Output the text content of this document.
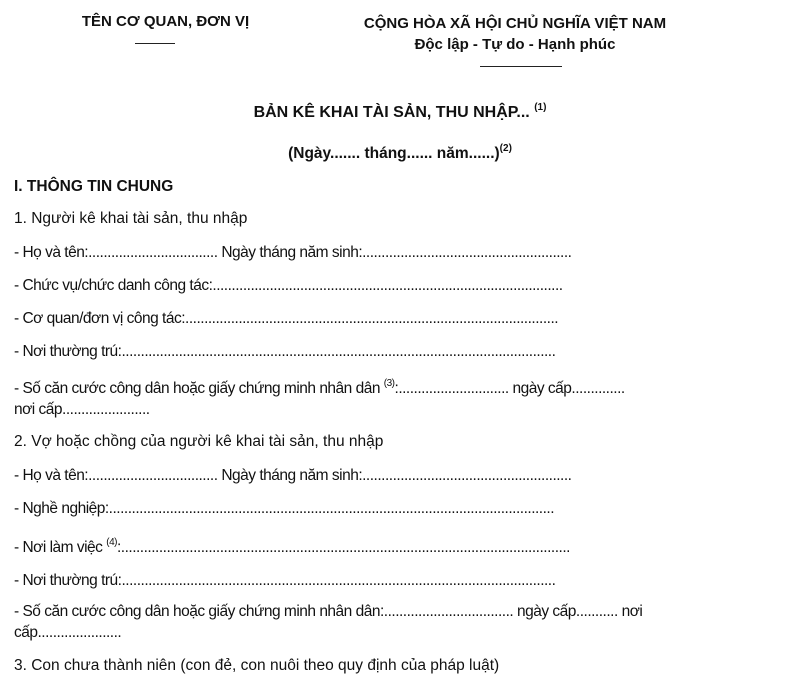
TÊN CƠ QUAN, ĐƠN VỊ	CỘNG HÒA XÃ HỘI CHỦ NGHĨA VIỆT NAM
Độc lập - Tự do - Hạnh phúc
BẢN KÊ KHAI TÀI SẢN, THU NHẬP... $^{(1)}$
(Ngày....... tháng...... năm......)$^{(2)}$
I. THÔNG TIN CHUNG
1. Người kê khai tài sản, thu nhập
- Họ và tên:.................................. Ngày tháng năm sinh:.......................................................
- Chức vụ/chức danh công tác:............................................................................................
- Cơ quan/đơn vị công tác:..................................................................................................
- Nơi thường trú:..................................................................................................................
- Số căn cước công dân hoặc giấy chứng minh nhân dân $^{(3)}$:............................. ngày cấp..............
nơi cấp.......................
2. Vợ hoặc chồng của người kê khai tài sản, thu nhập
- Họ và tên:.................................. Ngày tháng năm sinh:.......................................................
- Nghề nghiệp:.....................................................................................................................
- Nơi làm việc $^{(4)}$:......................................................................................................................
- Nơi thường trú:..................................................................................................................
- Số căn cước công dân hoặc giấy chứng minh nhân dân:.................................. ngày cấp........... nơi
cấp......................
3. Con chưa thành niên (con đẻ, con nuôi theo quy định của pháp luật)
